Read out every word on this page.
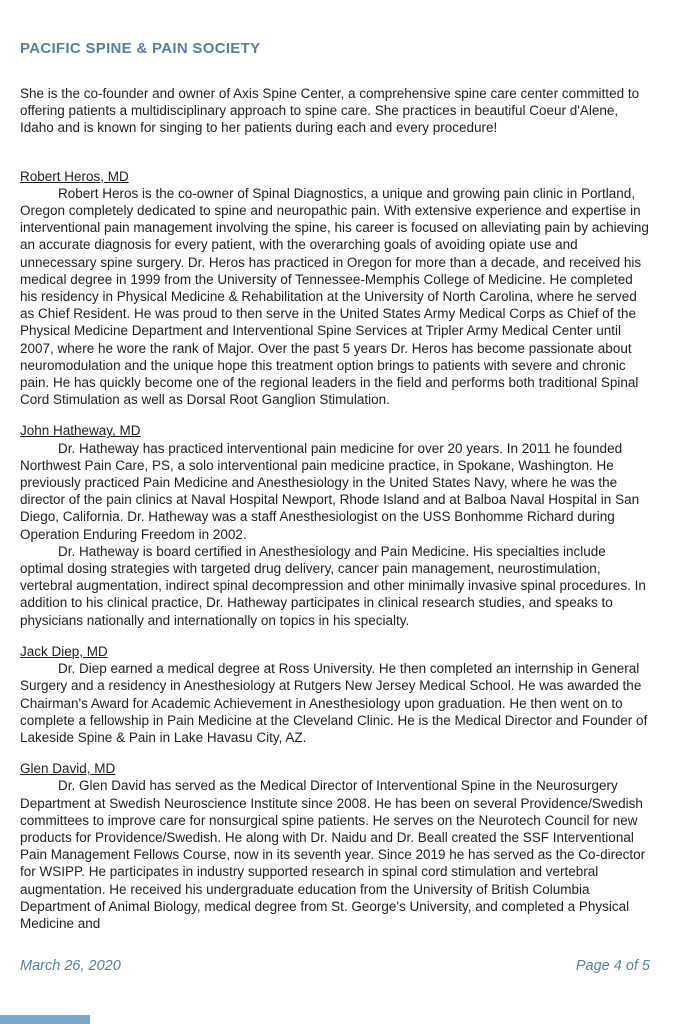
PACIFIC SPINE & PAIN SOCIETY

She is the co-founder and owner of Axis Spine Center, a comprehensive spine care center committed to offering patients a multidisciplinary approach to spine care. She practices in beautiful Coeur d'Alene, Idaho and is known for singing to her patients during each and every procedure!

Robert Heros, MD

Robert Heros is the co-owner of Spinal Diagnostics, a unique and growing pain clinic in Portland, Oregon completely dedicated to spine and neuropathic pain. With extensive experience and expertise in interventional pain management involving the spine, his career is focused on alleviating pain by achieving an accurate diagnosis for every patient, with the overarching goals of avoiding opiate use and unnecessary spine surgery. Dr. Heros has practiced in Oregon for more than a decade, and received his medical degree in 1999 from the University of Tennessee-Memphis College of Medicine. He completed his residency in Physical Medicine & Rehabilitation at the University of North Carolina, where he served as Chief Resident. He was proud to then serve in the United States Army Medical Corps as Chief of the Physical Medicine Department and Interventional Spine Services at Tripler Army Medical Center until 2007, where he wore the rank of Major. Over the past 5 years Dr. Heros has become passionate about neuromodulation and the unique hope this treatment option brings to patients with severe and chronic pain. He has quickly become one of the regional leaders in the field and performs both traditional Spinal Cord Stimulation as well as Dorsal Root Ganglion Stimulation.

John Hatheway, MD

Dr. Hatheway has practiced interventional pain medicine for over 20 years. In 2011 he founded Northwest Pain Care, PS, a solo interventional pain medicine practice, in Spokane, Washington. He previously practiced Pain Medicine and Anesthesiology in the United States Navy, where he was the director of the pain clinics at Naval Hospital Newport, Rhode Island and at Balboa Naval Hospital in San Diego, California. Dr. Hatheway was a staff Anesthesiologist on the USS Bonhomme Richard during Operation Enduring Freedom in 2002.

Dr. Hatheway is board certified in Anesthesiology and Pain Medicine. His specialties include optimal dosing strategies with targeted drug delivery, cancer pain management, neurostimulation, vertebral augmentation, indirect spinal decompression and other minimally invasive spinal procedures. In addition to his clinical practice, Dr. Hatheway participates in clinical research studies, and speaks to physicians nationally and internationally on topics in his specialty.

Jack Diep, MD

Dr. Diep earned a medical degree at Ross University. He then completed an internship in General Surgery and a residency in Anesthesiology at Rutgers New Jersey Medical School. He was awarded the Chairman's Award for Academic Achievement in Anesthesiology upon graduation. He then went on to complete a fellowship in Pain Medicine at the Cleveland Clinic. He is the Medical Director and Founder of Lakeside Spine & Pain in Lake Havasu City, AZ.

Glen David, MD

Dr. Glen David has served as the Medical Director of Interventional Spine in the Neurosurgery Department at Swedish Neuroscience Institute since 2008. He has been on several Providence/Swedish committees to improve care for nonsurgical spine patients. He serves on the Neurotech Council for new products for Providence/Swedish. He along with Dr. Naidu and Dr. Beall created the SSF Interventional Pain Management Fellows Course, now in its seventh year. Since 2019 he has served as the Co-director for WSIPP. He participates in industry supported research in spinal cord stimulation and vertebral augmentation. He received his undergraduate education from the University of British Columbia Department of Animal Biology, medical degree from St. George's University, and completed a Physical Medicine and

March 26, 2020	Page 4 of 5
